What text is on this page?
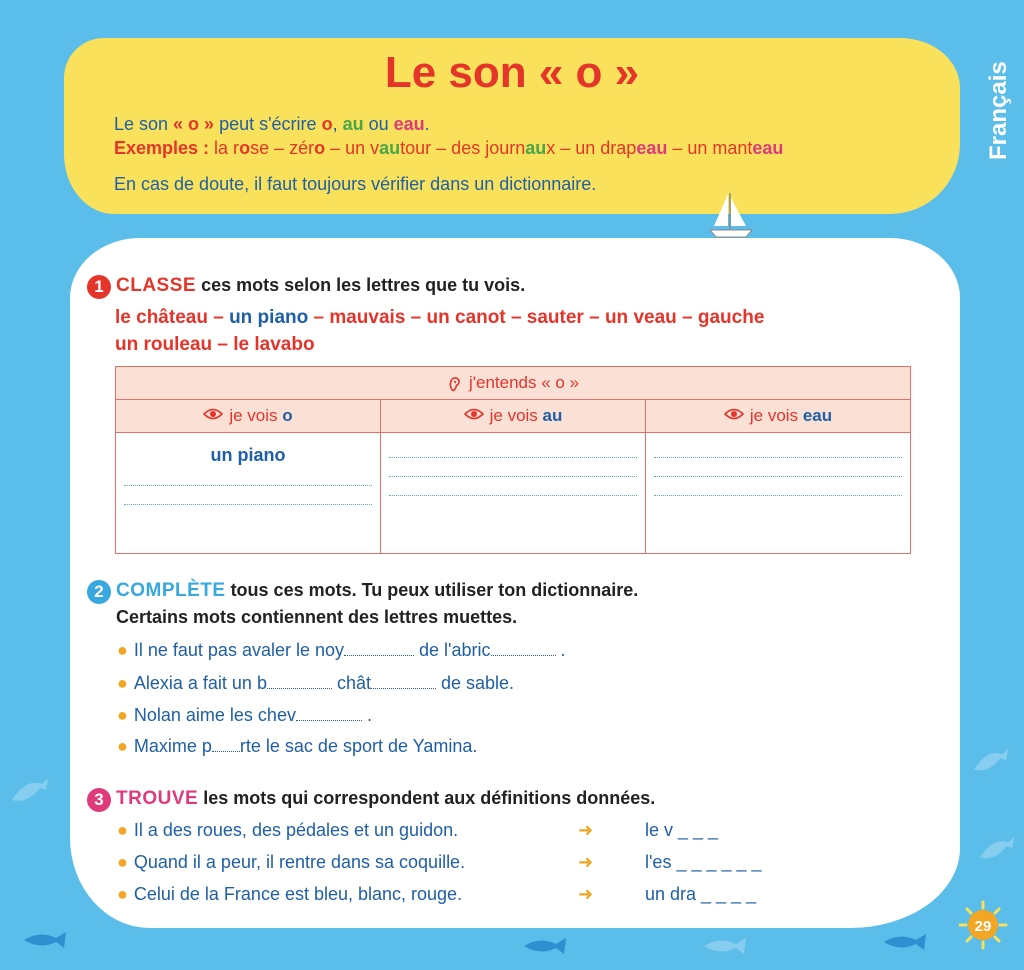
Le son « o »
Le son « o » peut s'écrire o, au ou eau.
Exemples : la rose – zéro – un vautour – des journaux – un drapeau – un manteau
En cas de doute, il faut toujours vérifier dans un dictionnaire.
Français
1 CLASSE ces mots selon les lettres que tu vois.
le château – un piano – mauvais – un canot – sauter – un veau – gauche
un rouleau – le lavabo
j'entends « o »		
je vois o	je vois au	je vois eau

un piano		

2 COMPLÈTE tous ces mots. Tu peux utiliser ton dictionnaire.
Certains mots contiennent des lettres muettes.
● Il ne faut pas avaler le noy	de l'abric	.
● Alexia a fait un b	chât	de sable.
● Nolan aime les chev	.
● Maxime p rte le sac de sport de Yamina.
3 TROUVE les mots qui correspondent aux définitions données.
● Il a des roues, des pédales et un guidon.	➜	le v _ _ _
● Quand il a peur, il rentre dans sa coquille.	➜	l'es _ _ _ _ _ _
● Celui de la France est bleu, blanc, rouge.	➜	un dra _ _ _ _
29
